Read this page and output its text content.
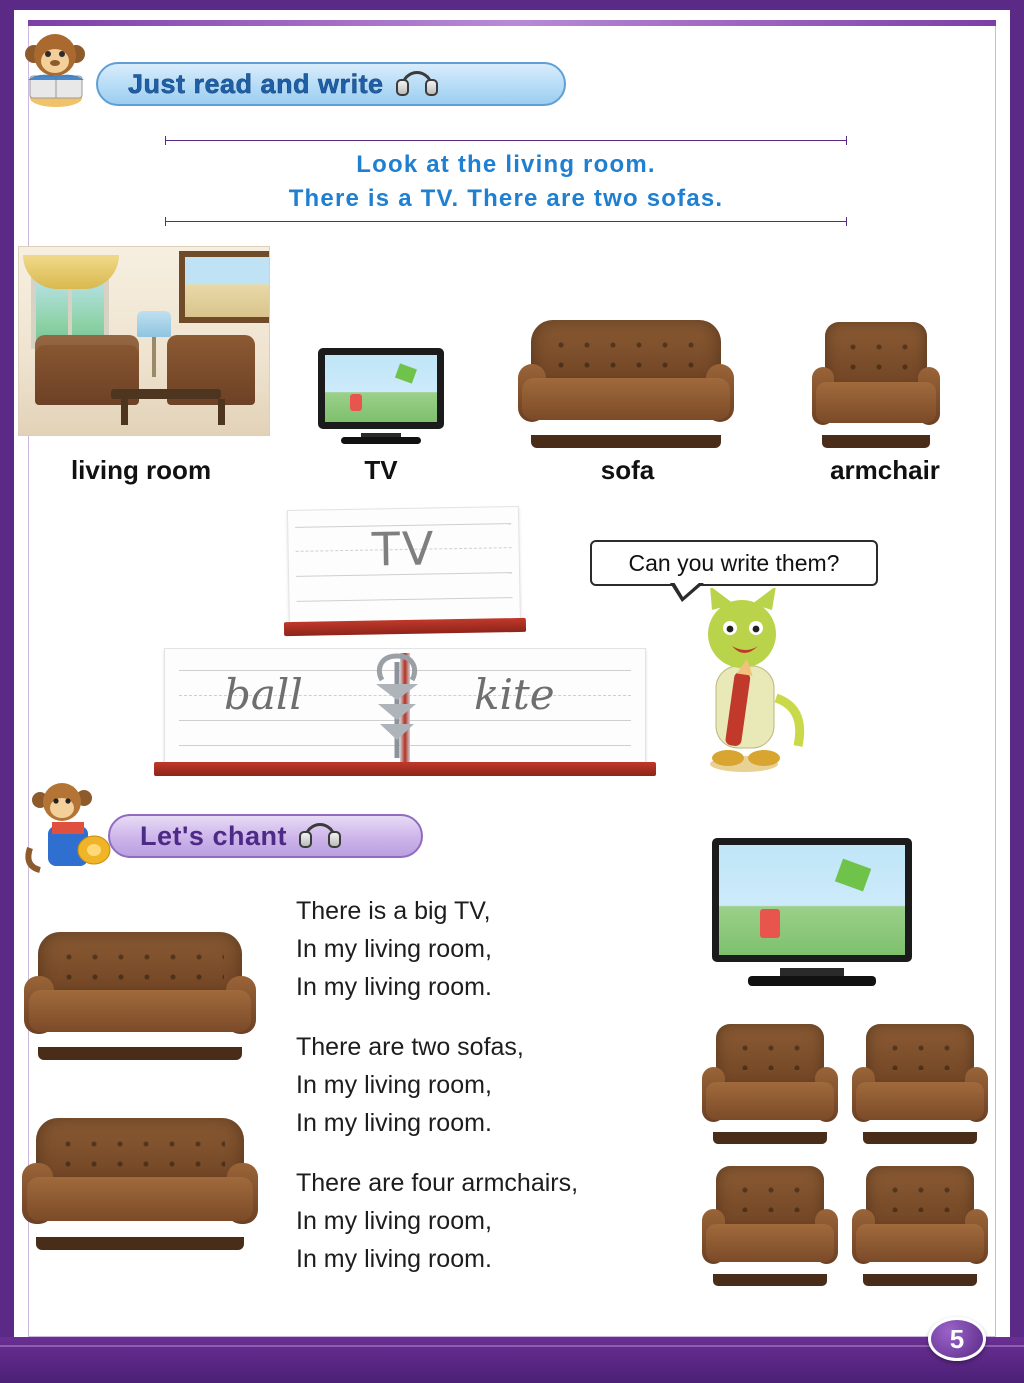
Just read and write
Look at the living room.
There is a TV. There are two sofas.
living room	TV	sofa	armchair
TV
ball	kite
Can you write them?
Let's chant
There is a big TV,
In my living room,
In my living room.
There are two sofas,
In my living room,
In my living room.
There are four armchairs,
In my living room,
In my living room.
5
